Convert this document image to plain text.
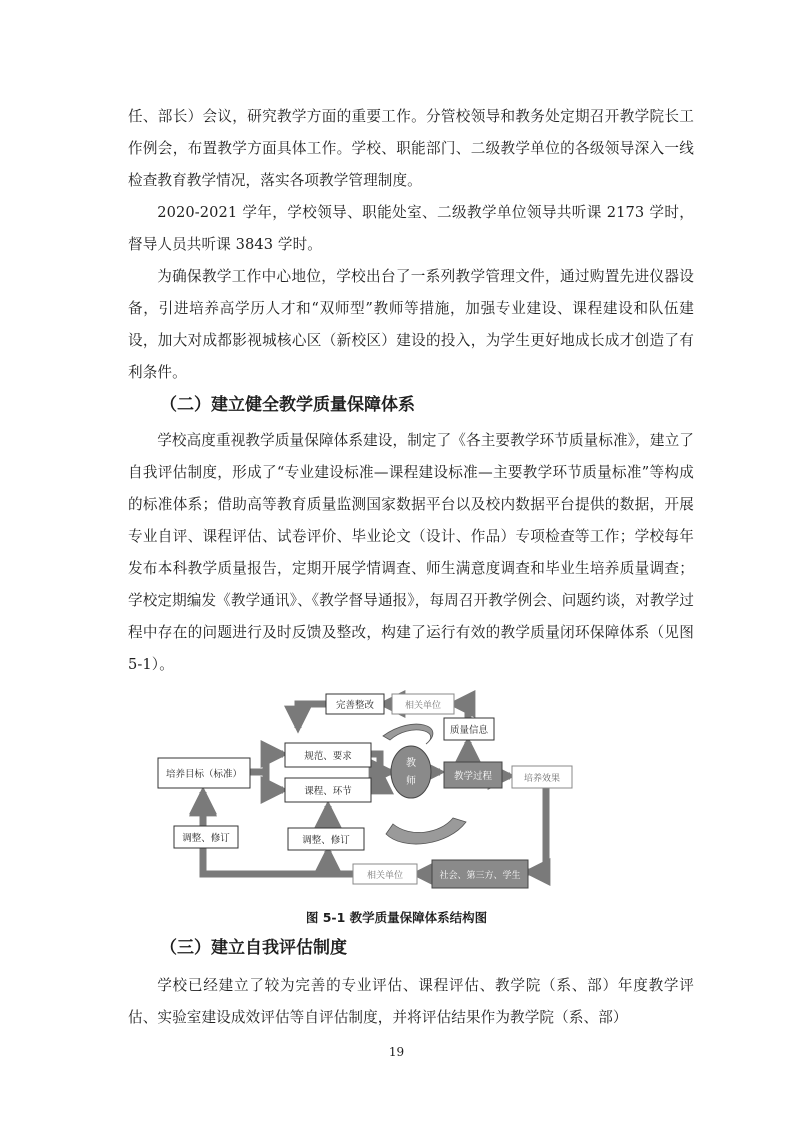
任、部长）会议，研究教学方面的重要工作。分管校领导和教务处定期召开教学院长工作例会，布置教学方面具体工作。学校、职能部门、二级教学单位的各级领导深入一线检查教育教学情况，落实各项教学管理制度。

2020-2021 学年，学校领导、职能处室、二级教学单位领导共听课 2173 学时，督导人员共听课 3843 学时。

为确保教学工作中心地位，学校出台了一系列教学管理文件，通过购置先进仪器设备，引进培养高学历人才和“双师型”教师等措施，加强专业建设、课程建设和队伍建设，加大对成都影视城核心区（新校区）建设的投入，为学生更好地成长成才创造了有利条件。

（二）建立健全教学质量保障体系

学校高度重视教学质量保障体系建设，制定了《各主要教学环节质量标准》，建立了自我评估制度，形成了“专业建设标准—课程建设标准—主要教学环节质量标准”等构成的标准体系；借助高等教育质量监测国家数据平台以及校内数据平台提供的数据，开展专业自评、课程评估、试卷评价、毕业论文（设计、作品）专项检查等工作；学校每年发布本科教学质量报告，定期开展学情调查、师生满意度调查和毕业生培养质量调查；学校定期编发《教学通讯》、《教学督导通报》，每周召开教学例会、问题约谈，对教学过程中存在的问题进行及时反馈及整改，构建了运行有效的教学质量闭环保障体系（见图 5-1）。

完善整改	相关单位
质量信息
培养目标（标准）
规范、要求
课程、环节
教
师	教学过程	培养效果
调整、修订	调整、修订
相关单位	社会、第三方、学生

图 5-1 教学质量保障体系结构图

（三）建立自我评估制度

学校已经建立了较为完善的专业评估、课程评估、教学院（系、部）年度教学评估、实验室建设成效评估等自评估制度，并将评估结果作为教学院（系、部）

19
